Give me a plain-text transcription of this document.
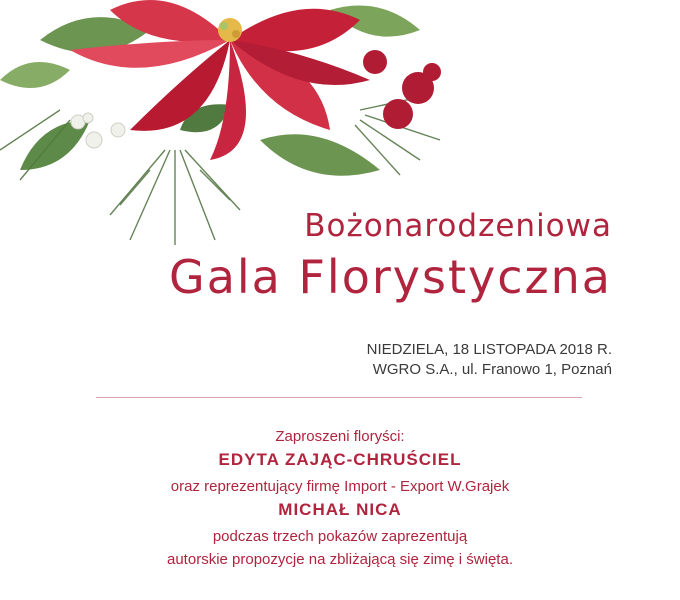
Bożonarodzeniowa
Gala Florystyczna
NIEDZIELA, 18 LISTOPADA 2018 R.
WGRO S.A., ul. Franowo 1, Poznań
Zaproszeni floryści:
EDYTA ZAJĄC-CHRUŚCIEL
oraz reprezentujący firmę Import - Export W.Grajek
MICHAŁ NICA
podczas trzech pokazów zaprezentują
autorskie propozycje na zbliżającą się zimę i święta.
